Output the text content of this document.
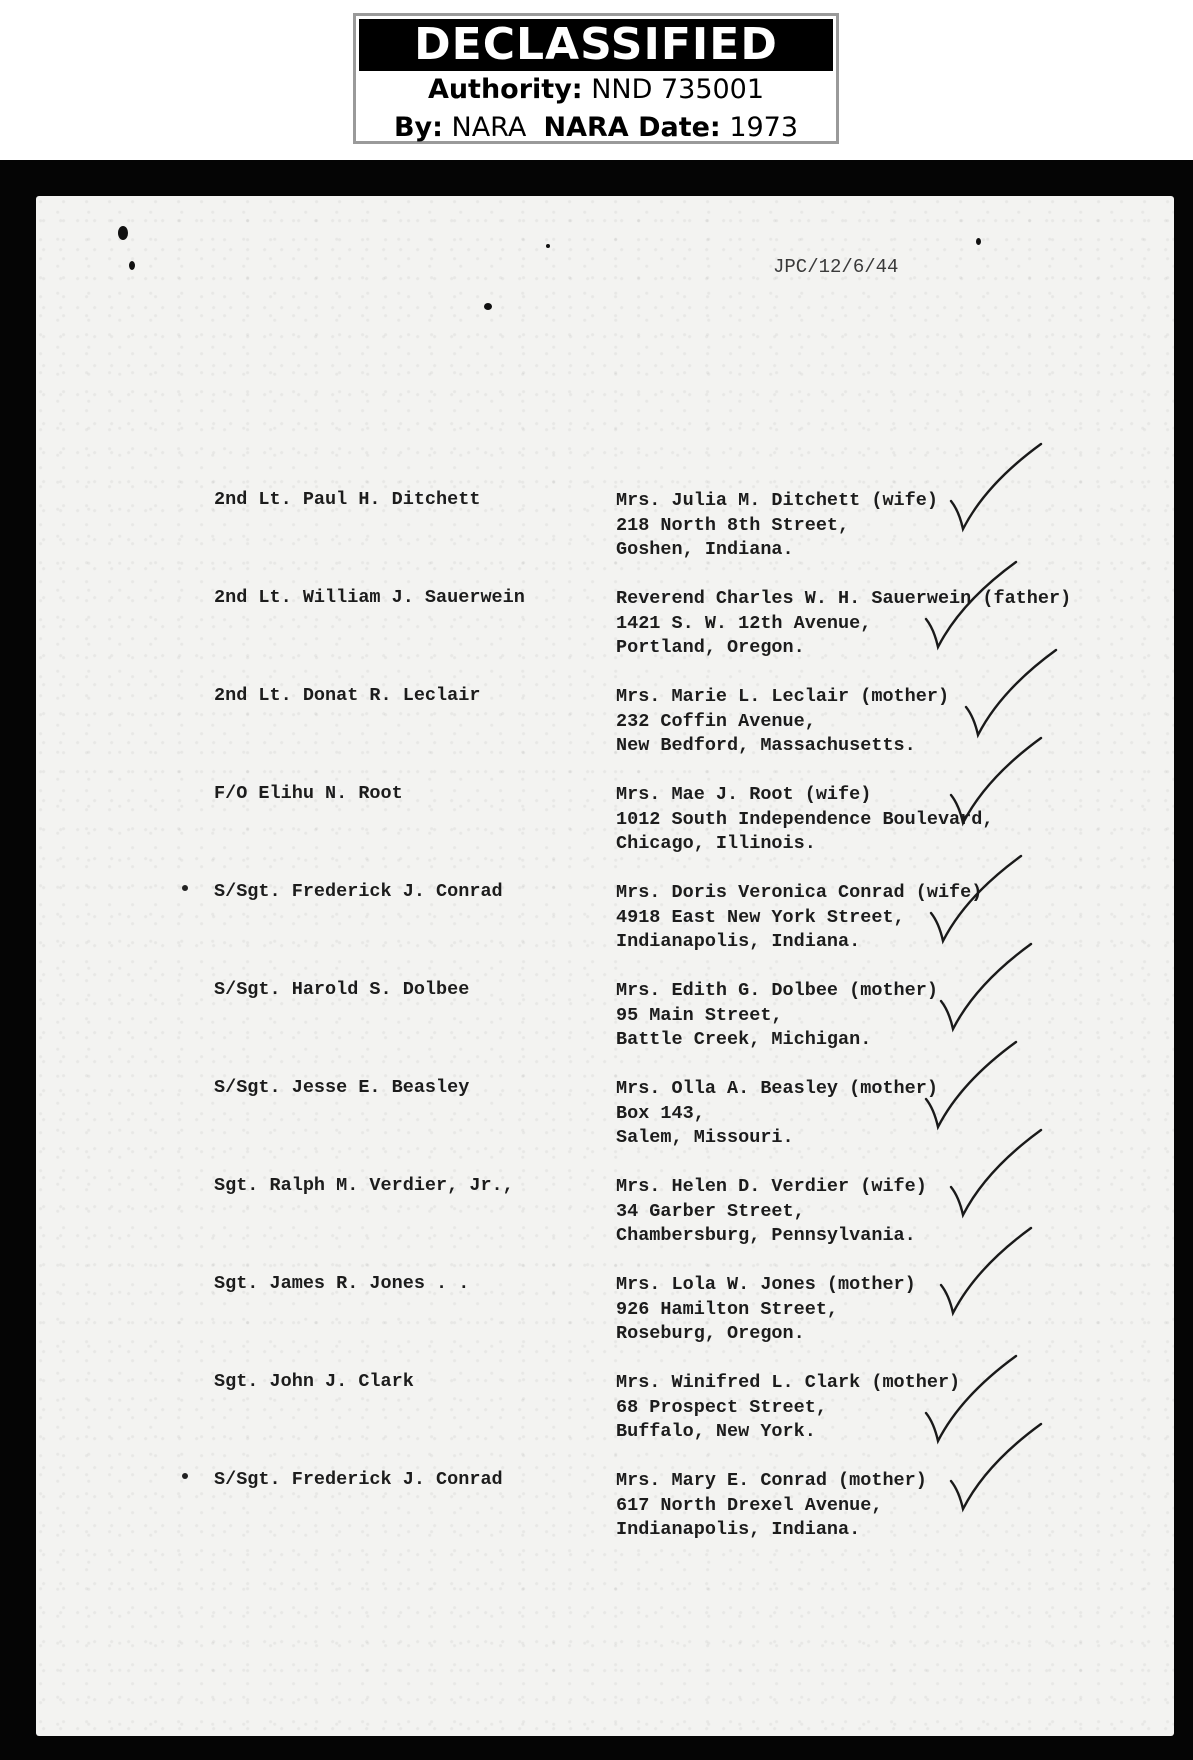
DECLASSIFIED
Authority: NND 735001
By: NARA NARA Date: 1973
JPC/12/6/44
2nd Lt. Paul H. Ditchett	Mrs. Julia M. Ditchett (wife)
218 North 8th Street,
Goshen, Indiana.
2nd Lt. William J. Sauerwein	Reverend Charles W. H. Sauerwein (father)
1421 S. W. 12th Avenue,
Portland, Oregon.
2nd Lt. Donat R. Leclair	Mrs. Marie L. Leclair (mother)
232 Coffin Avenue,
New Bedford, Massachusetts.
F/O Elihu N. Root	Mrs. Mae J. Root (wife)
1012 South Independence Boulevard,
Chicago, Illinois.
S/Sgt. Frederick J. Conrad	Mrs. Doris Veronica Conrad (wife)
4918 East New York Street,
Indianapolis, Indiana.
S/Sgt. Harold S. Dolbee	Mrs. Edith G. Dolbee (mother)
95 Main Street,
Battle Creek, Michigan.
S/Sgt. Jesse E. Beasley	Mrs. Olla A. Beasley (mother)
Box 143,
Salem, Missouri.
Sgt. Ralph M. Verdier, Jr.,	Mrs. Helen D. Verdier (wife)
34 Garber Street,
Chambersburg, Pennsylvania.
Sgt. James R. Jones . .	Mrs. Lola W. Jones (mother)
926 Hamilton Street,
Roseburg, Oregon.
Sgt. John J. Clark	Mrs. Winifred L. Clark (mother)
68 Prospect Street,
Buffalo, New York.
S/Sgt. Frederick J. Conrad	Mrs. Mary E. Conrad (mother)
617 North Drexel Avenue,
Indianapolis, Indiana.
